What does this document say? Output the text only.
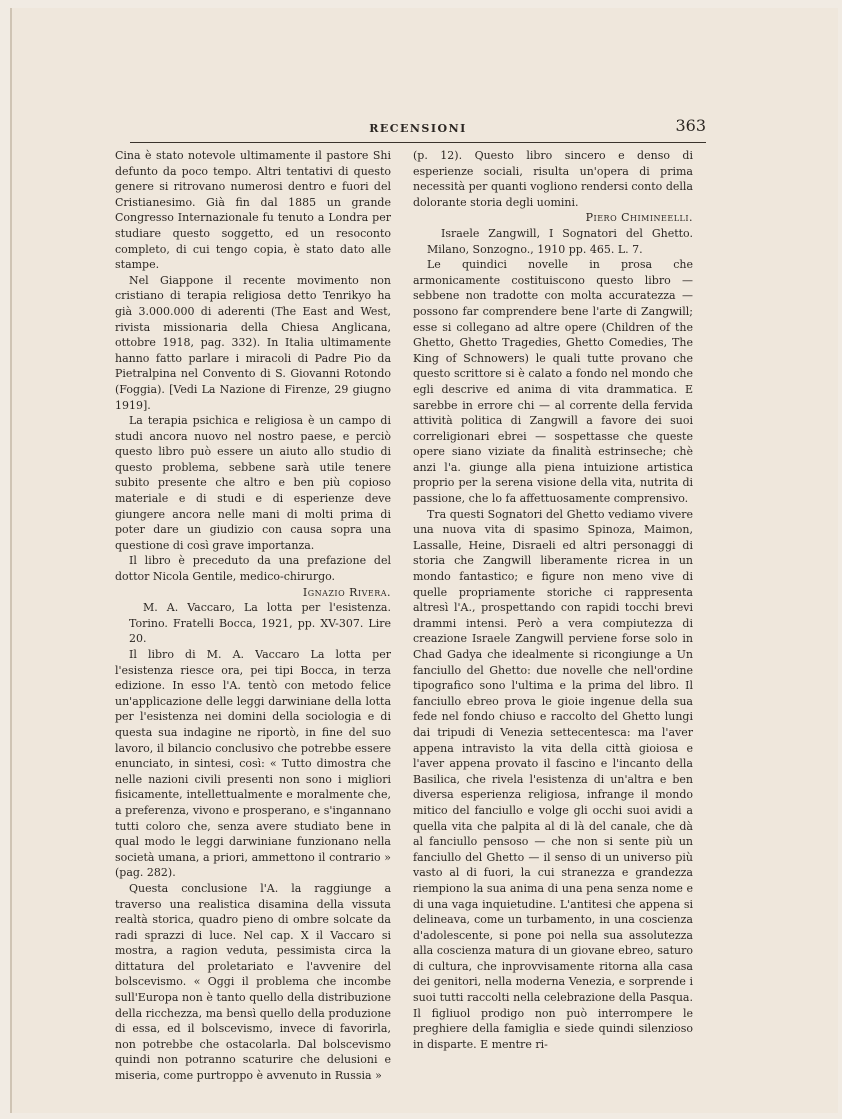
RECENSIONI	363

Cina è stato notevole ultimamente il pastore Shi defunto da poco tempo. Altri tentativi di questo genere si ritrovano numerosi dentro e fuori del Cristianesimo. Già fin dal 1885 un grande Congresso Internazionale fu tenuto a Londra per studiare questo soggetto, ed un resoconto completo, di cui tengo copia, è stato dato alle stampe.

Nel Giappone il recente movimento non cristiano di terapia religiosa detto Tenrikyo ha già 3.000.000 di aderenti (The East and West, rivista missionaria della Chiesa Anglicana, ottobre 1918, pag. 332). In Italia ultimamente hanno fatto parlare i miracoli di Padre Pio da Pietralpina nel Convento di S. Giovanni Rotondo (Foggia). [Vedi La Nazione di Firenze, 29 giugno 1919].

La terapia psichica e religiosa è un campo di studi ancora nuovo nel nostro paese, e perciò questo libro può essere un aiuto allo studio di questo problema, sebbene sarà utile tenere subito presente che altro e ben più copioso materiale e di studi e di esperienze deve giungere ancora nelle mani di molti prima di poter dare un giudizio con causa sopra una questione di così grave importanza.

Il libro è preceduto da una prefazione del dottor Nicola Gentile, medico-chirurgo.

Ignazio Rivera.

M. A. Vaccaro, La lotta per l'esistenza. Torino. Fratelli Bocca, 1921, pp. XV-307. Lire 20.

Il libro di M. A. Vaccaro La lotta per l'esistenza riesce ora, pei tipi Bocca, in terza edizione. In esso l'A. tentò con metodo felice un'applicazione delle leggi darwiniane della lotta per l'esistenza nei domini della sociologia e di questa sua indagine ne riportò, in fine del suo lavoro, il bilancio conclusivo che potrebbe essere enunciato, in sintesi, così: « Tutto dimostra che nelle nazioni civili presenti non sono i migliori fisicamente, intellettualmente e moralmente che, a preferenza, vivono e prosperano, e s'ingannano tutti coloro che, senza avere studiato bene in qual modo le leggi darwiniane funzionano nella società umana, a priori, ammettono il contrario » (pag. 282).

Questa conclusione l'A. la raggiunge a traverso una realistica disamina della vissuta realtà storica, quadro pieno di ombre solcate da radi sprazzi di luce. Nel cap. X il Vaccaro si mostra, a ragion veduta, pessimista circa la dittatura del proletariato e l'avvenire del bolscevismo. « Oggi il problema che incombe sull'Europa non è tanto quello della distribuzione della ricchezza, ma bensì quello della produzione di essa, ed il bolscevismo, invece di favorirla, non potrebbe che ostacolarla. Dal bolscevismo quindi non potranno scaturire che delusioni e miseria, come purtroppo è avvenuto in Russia »

(p. 12). Questo libro sincero e denso di esperienze sociali, risulta un'opera di prima necessità per quanti vogliono rendersi conto della dolorante storia degli uomini.

Piero Chimineelli.

Israele Zangwill, I Sognatori del Ghetto. Milano, Sonzogno., 1910 pp. 465. L. 7.

Le quindici novelle in prosa che armonicamente costituiscono questo libro — sebbene non tradotte con molta accuratezza — possono far comprendere bene l'arte di Zangwill; esse si collegano ad altre opere (Children of the Ghetto, Ghetto Tragedies, Ghetto Comedies, The King of Schnowers) le quali tutte provano che questo scrittore si è calato a fondo nel mondo che egli descrive ed anima di vita drammatica. E sarebbe in errore chi — al corrente della fervida attività politica di Zangwill a favore dei suoi correligionari ebrei — sospettasse che queste opere siano viziate da finalità estrinseche; chè anzi l'a. giunge alla piena intuizione artistica proprio per la serena visione della vita, nutrita di passione, che lo fa affettuosamente comprensivo.

Tra questi Sognatori del Ghetto vediamo vivere una nuova vita di spasimo Spinoza, Maimon, Lassalle, Heine, Disraeli ed altri personaggi di storia che Zangwill liberamente ricrea in un mondo fantastico; e figure non meno vive di quelle propriamente storiche ci rappresenta altresì l'A., prospettando con rapidi tocchi brevi drammi intensi. Però a vera compiutezza di creazione Israele Zangwill perviene forse solo in Chad Gadya che idealmente si ricongiunge a Un fanciullo del Ghetto: due novelle che nell'ordine tipografico sono l'ultima e la prima del libro. Il fanciullo ebreo prova le gioie ingenue della sua fede nel fondo chiuso e raccolto del Ghetto lungi dai tripudi di Venezia settecentesca: ma l'aver appena intravisto la vita della città gioiosa e l'aver appena provato il fascino e l'incanto della Basilica, che rivela l'esistenza di un'altra e ben diversa esperienza religiosa, infrange il mondo mitico del fanciullo e volge gli occhi suoi avidi a quella vita che palpita al di là del canale, che dà al fanciullo pensoso — che non si sente più un fanciullo del Ghetto — il senso di un universo più vasto al di fuori, la cui stranezza e grandezza riempiono la sua anima di una pena senza nome e di una vaga inquietudine. L'antitesi che appena si delineava, come un turbamento, in una coscienza d'adolescente, si pone poi nella sua assolutezza alla coscienza matura di un giovane ebreo, saturo di cultura, che inprovvisamente ritorna alla casa dei genitori, nella moderna Venezia, e sorprende i suoi tutti raccolti nella celebrazione della Pasqua. Il figliuol prodigo non può interrompere le preghiere della famiglia e siede quindi silenzioso in disparte. E mentre ri-
